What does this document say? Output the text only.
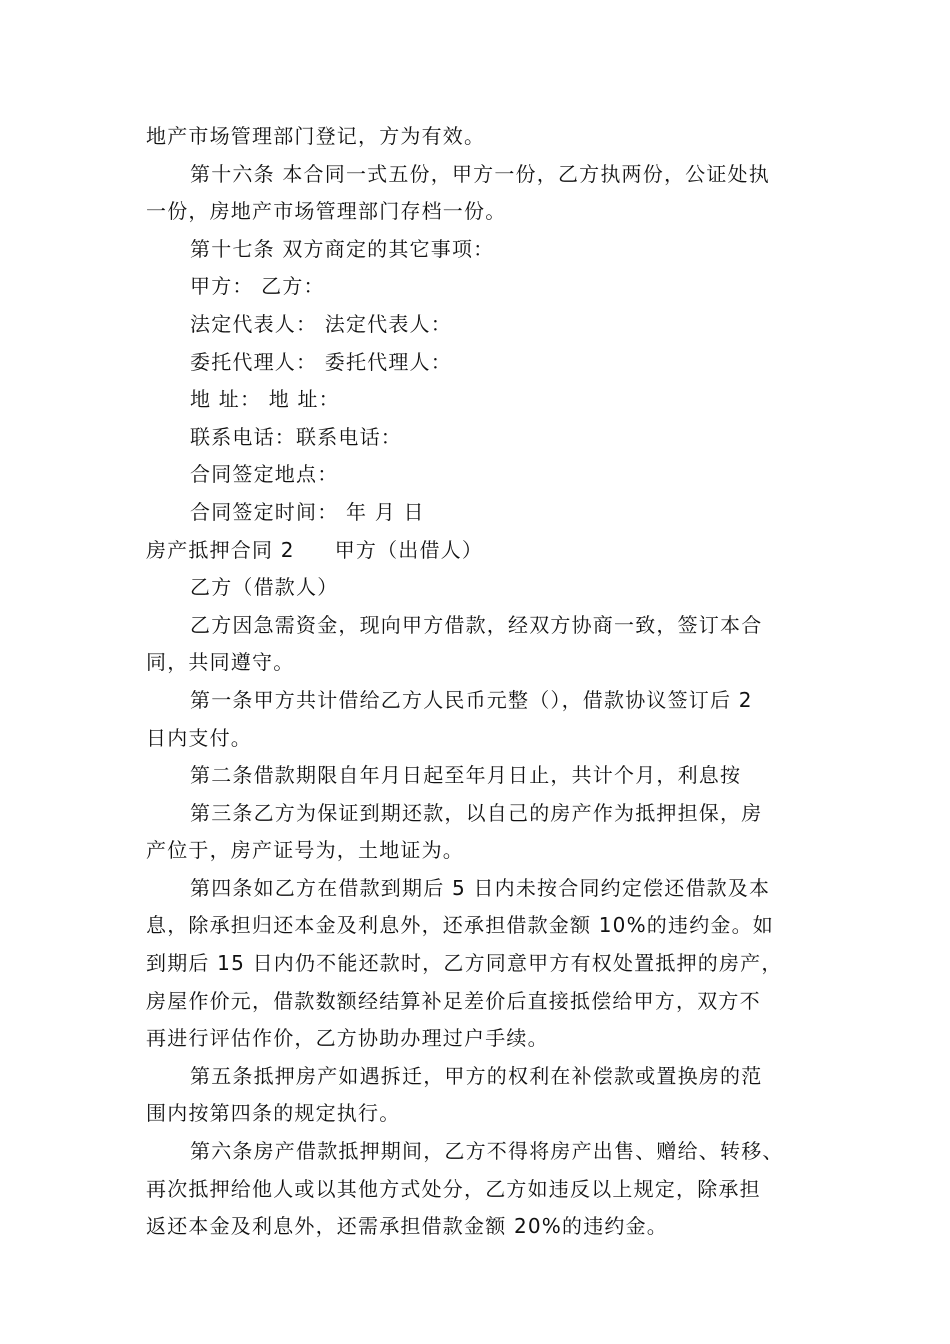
地产市场管理部门登记，方为有效。
第十六条 本合同一式五份，甲方一份，乙方执两份，公证处执
一份，房地产市场管理部门存档一份。
第十七条 双方商定的其它事项：
甲方： 乙方：
法定代表人： 法定代表人：
委托代理人： 委托代理人：
地 址： 地 址：
联系电话：联系电话：
合同签定地点：
合同签定时间： 年 月 日
房产抵押合同 2 甲方（出借人）
乙方（借款人）
乙方因急需资金，现向甲方借款，经双方协商一致，签订本合
同，共同遵守。
第一条甲方共计借给乙方人民币元整（），借款协议签订后 2
日内支付。
第二条借款期限自年月日起至年月日止，共计个月，利息按
第三条乙方为保证到期还款，以自己的房产作为抵押担保，房
产位于，房产证号为，土地证为。
第四条如乙方在借款到期后 5 日内未按合同约定偿还借款及本
息，除承担归还本金及利息外，还承担借款金额 10%的违约金。如
到期后 15 日内仍不能还款时，乙方同意甲方有权处置抵押的房产，
房屋作价元，借款数额经结算补足差价后直接抵偿给甲方，双方不
再进行评估作价，乙方协助办理过户手续。
第五条抵押房产如遇拆迁，甲方的权利在补偿款或置换房的范
围内按第四条的规定执行。
第六条房产借款抵押期间，乙方不得将房产出售、赠给、转移、
再次抵押给他人或以其他方式处分，乙方如违反以上规定，除承担
返还本金及利息外，还需承担借款金额 20%的违约金。
